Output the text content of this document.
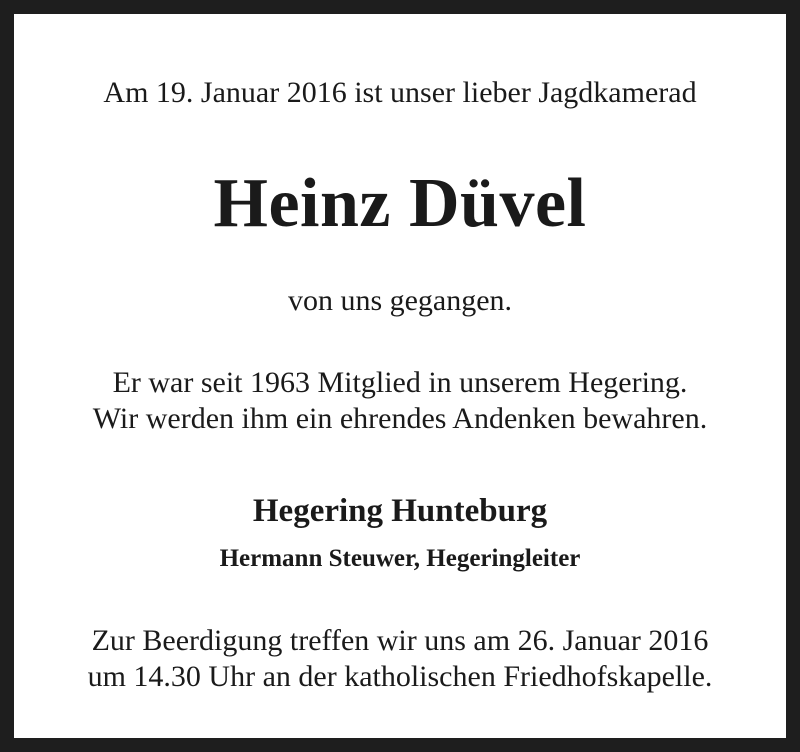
Am 19. Januar 2016 ist unser lieber Jagdkamerad
Heinz Düvel
von uns gegangen.
Er war seit 1963 Mitglied in unserem Hegering.
Wir werden ihm ein ehrendes Andenken bewahren.
Hegering Hunteburg
Hermann Steuwer, Hegeringleiter
Zur Beerdigung treffen wir uns am 26. Januar 2016
um 14.30 Uhr an der katholischen Friedhofskapelle.
